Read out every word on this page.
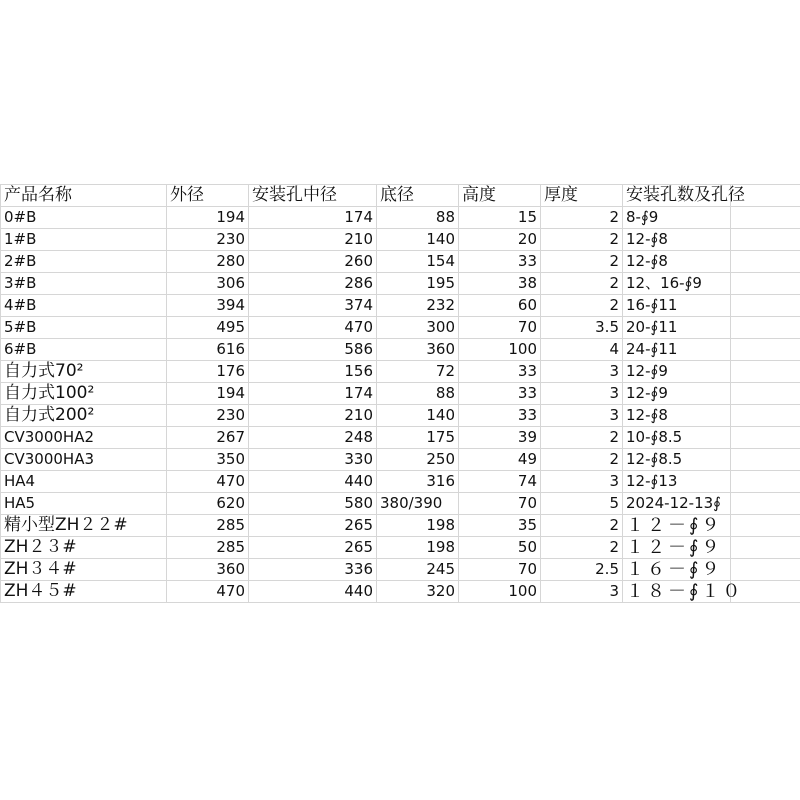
产品名称	外径	安装孔中径	底径	高度	厚度	安装孔数及孔径	
0#B	194	174	88	15	2	8-∮9	
1#B	230	210	140	20	2	12-∮8	
2#B	280	260	154	33	2	12-∮8	
3#B	306	286	195	38	2	12、16-∮9	
4#B	394	374	232	60	2	16-∮11	
5#B	495	470	300	70	3.5	20-∮11	
6#B	616	586	360	100	4	24-∮11	
自力式70²	176	156	72	33	3	12-∮9	
自力式100²	194	174	88	33	3	12-∮9	
自力式200²	230	210	140	33	3	12-∮8	
CV3000HA2	267	248	175	39	2	10-∮8.5	
CV3000HA3	350	330	250	49	2	12-∮8.5	
HA4	470	440	316	74	3	12-∮13	
HA5	620	580	380/390	70	5	2024-12-13∮	
精小型ZH２２#	285	265	198	35	2	１２－∮９	
ZH２３#	285	265	198	50	2	１２－∮９	
ZH３４#	360	336	245	70	2.5	１６－∮９	
ZH４５#	470	440	320	100	3	１８－∮１０	
